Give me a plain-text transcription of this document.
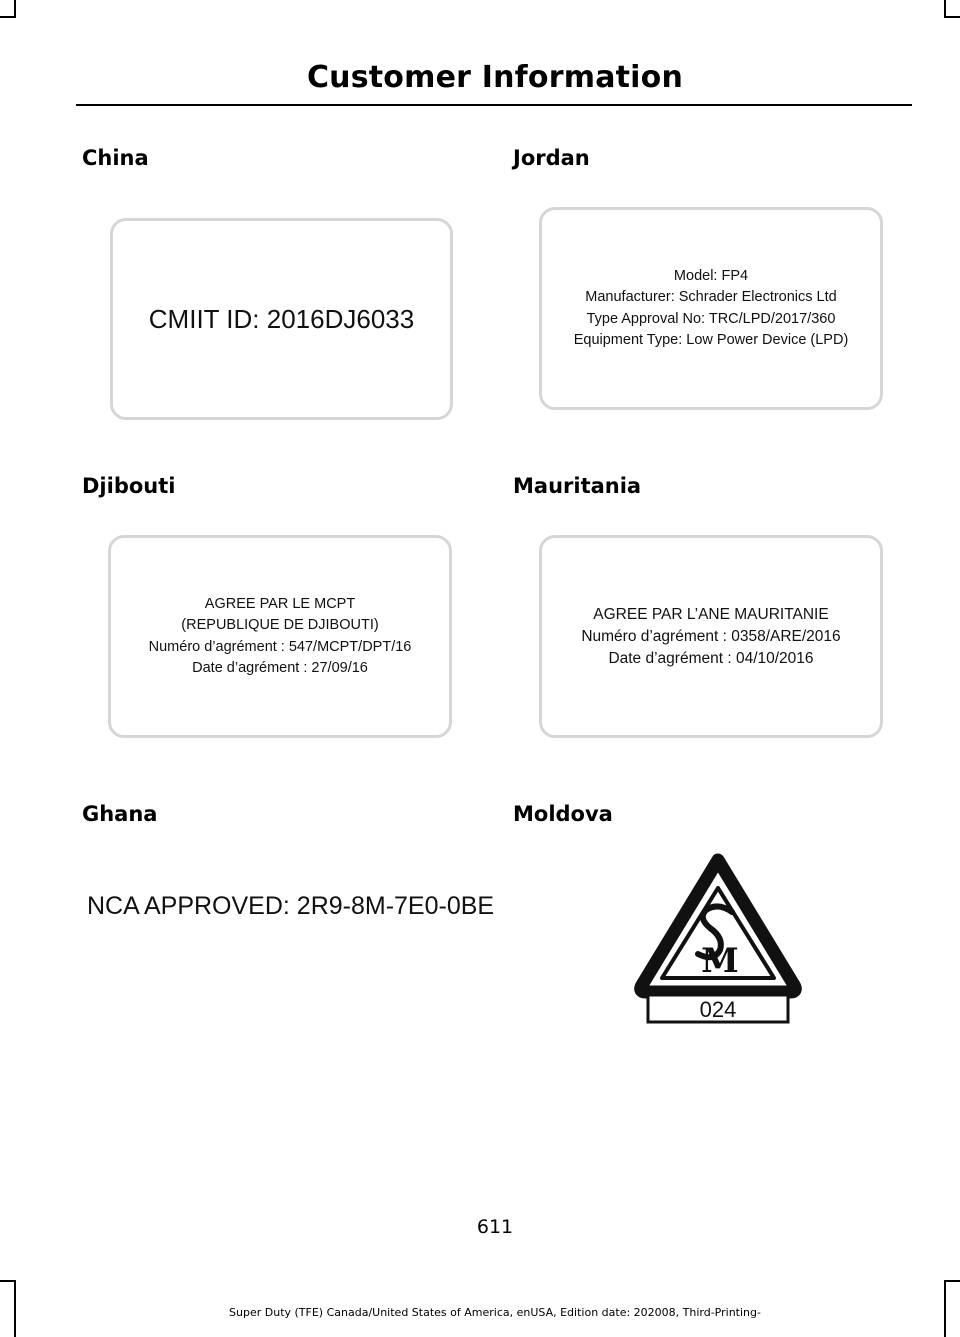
Customer Information
China
CMIIT ID: 2016DJ6033
Jordan
Model: FP4
Manufacturer: Schrader Electronics Ltd
Type Approval No: TRC/LPD/2017/360
Equipment Type: Low Power Device (LPD)
Djibouti
AGREE PAR LE MCPT
(REPUBLIQUE DE DJIBOUTI)
Numéro d’agrément : 547/MCPT/DPT/16
Date d’agrément : 27/09/16
Mauritania
AGREE PAR L’ANE MAURITANIE
Numéro d’agrément : 0358/ARE/2016
Date d’agrément : 04/10/2016
Ghana
NCA APPROVED: 2R9-8M-7E0-0BE
Moldova
M
024
611
Super Duty (TFE) Canada/United States of America, enUSA, Edition date: 202008, Third-Printing-
